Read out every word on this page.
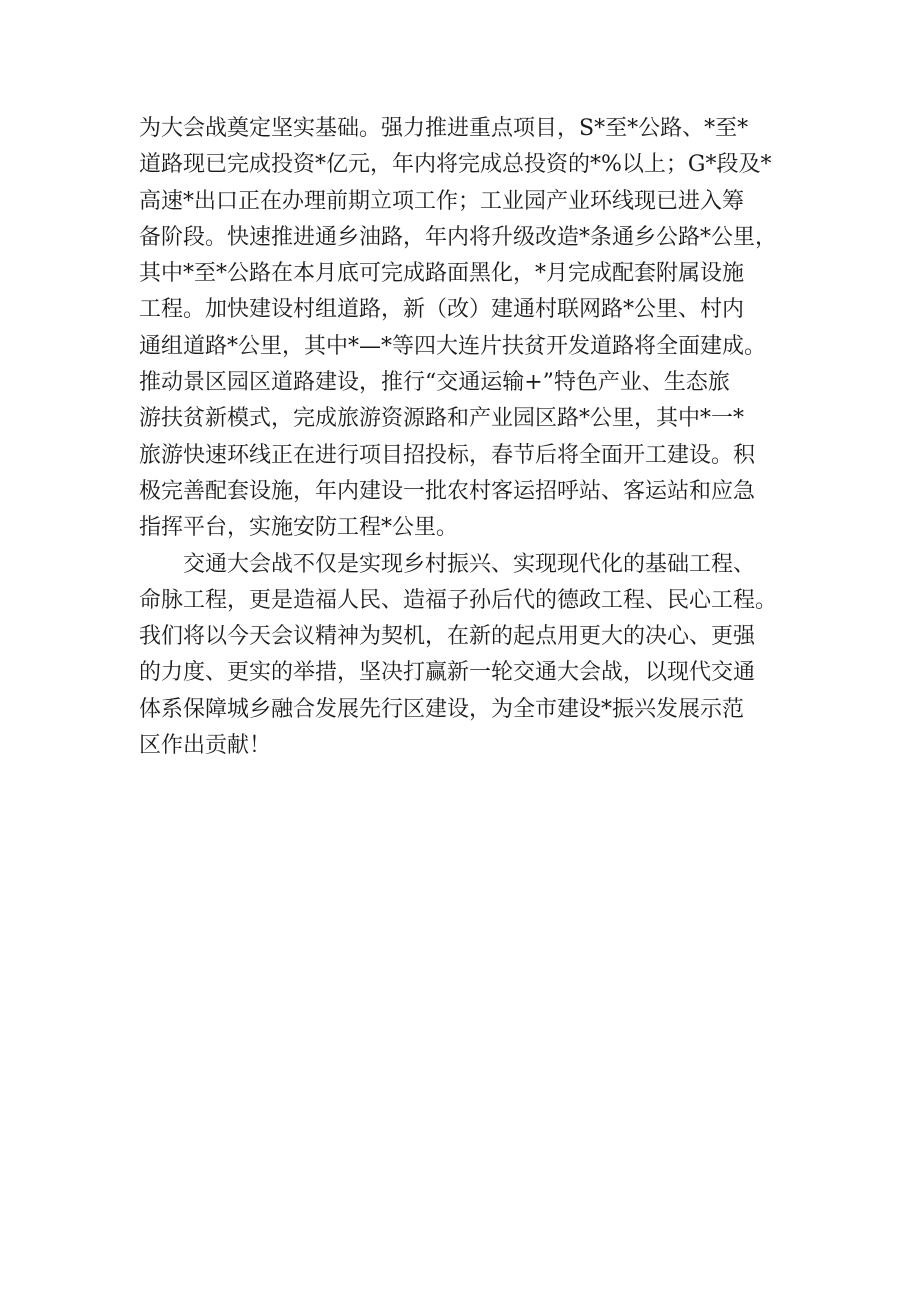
为大会战奠定坚实基础。强力推进重点项目，S*至*公路、*至*
道路现已完成投资*亿元，年内将完成总投资的*%以上；G*段及*
高速*出口正在办理前期立项工作；工业园产业环线现已进入筹
备阶段。快速推进通乡油路，年内将升级改造*条通乡公路*公里，
其中*至*公路在本月底可完成路面黑化，*月完成配套附属设施
工程。加快建设村组道路，新（改）建通村联网路*公里、村内
通组道路*公里，其中*—*等四大连片扶贫开发道路将全面建成。
推动景区园区道路建设，推行“交通运输+”特色产业、生态旅
游扶贫新模式，完成旅游资源路和产业园区路*公里，其中*一*
旅游快速环线正在进行项目招投标，春节后将全面开工建设。积
极完善配套设施，年内建设一批农村客运招呼站、客运站和应急
指挥平台，实施安防工程*公里。
交通大会战不仅是实现乡村振兴、实现现代化的基础工程、
命脉工程，更是造福人民、造福子孙后代的德政工程、民心工程。
我们将以今天会议精神为契机，在新的起点用更大的决心、更强
的力度、更实的举措，坚决打赢新一轮交通大会战，以现代交通
体系保障城乡融合发展先行区建设，为全市建设*振兴发展示范
区作出贡献！
